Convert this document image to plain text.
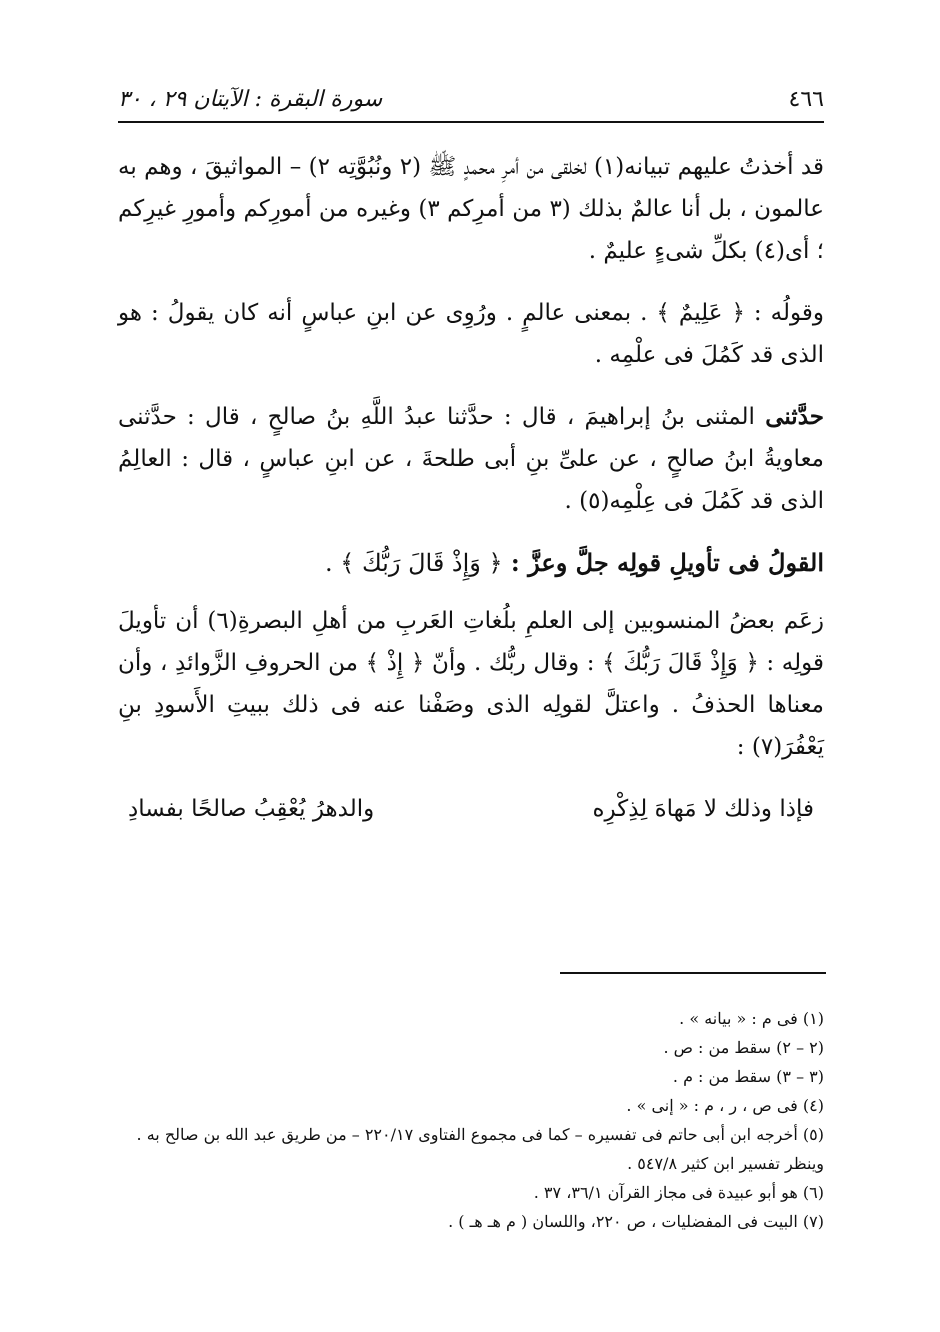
٤٦٦
سورة البقرة : الآيتان ٢٩ ، ٣٠

قد أخذتُ عليهم تبيانه(١) لخلقى من أمرِ محمدٍ ﷺ (٢ ونُبُوَّتِه ٢) – المواثيقَ ، وهم به عالمون ، بل أنا عالمٌ بذلك (٣ من أمرِكم ٣) وغيره من أمورِكم وأمورِ غيرِكم ؛ أى(٤) بكلِّ شىءٍ عليمٌ .

وقولُه : ﴿ عَلِيمٌ ﴾ . بمعنى عالمٍ . ورُوِى عن ابنِ عباسٍ أنه كان يقولُ : هو الذى قد كَمُلَ فى علْمِه .

حدَّثنى المثنى بنُ إبراهيمَ ، قال : حدَّثنا عبدُ اللَّهِ بنُ صالحٍ ، قال : حدَّثنى معاويةُ ابنُ صالحٍ ، عن علىِّ بنِ أبى طلحةَ ، عن ابنِ عباسٍ ، قال : العالِمُ الذى قد كَمُلَ فى عِلْمِه(٥) .

القولُ فى تأويلِ قولِه جلَّ وعزَّ : ﴿ وَإِذْ قَالَ رَبُّكَ ﴾ .

زعَم بعضُ المنسوبين إلى العلمِ بلُغاتِ العَربِ من أهلِ البصرةِ(٦) أن تأويلَ قولِه : ﴿ وَإِذْ قَالَ رَبُّكَ ﴾ : وقال ربُّك . وأنّ ﴿ إِذْ ﴾ من الحروفِ الزَّوائدِ ، وأن معناها الحذفُ . واعتلَّ لقولِه الذى وصَفْنا عنه فى ذلك ببيتِ الأَسودِ بنِ يَعْفُرَ(٧) :

فإذا وذلك لا مَهاهَ لِذِكْرِه
والدهرُ يُعْقِبُ صالحًا بفسادِ

(١) فى م : « بيانه » .

(٢ – ٢) سقط من : ص .

(٣ – ٣) سقط من : م .

(٤) فى ص ، ر ، م : « إنى » .

(٥) أخرجه ابن أبى حاتم فى تفسيره – كما فى مجموع الفتاوى ٢٢٠/١٧ – من طريق عبد الله بن صالح به .

وينظر تفسير ابن كثير ٥٤٧/٨ .

(٦) هو أبو عبيدة فى مجاز القرآن ٣٦/١، ٣٧ .

(٧) البيت فى المفضليات ، ص ٢٢٠، واللسان ( م هـ هـ ) .
